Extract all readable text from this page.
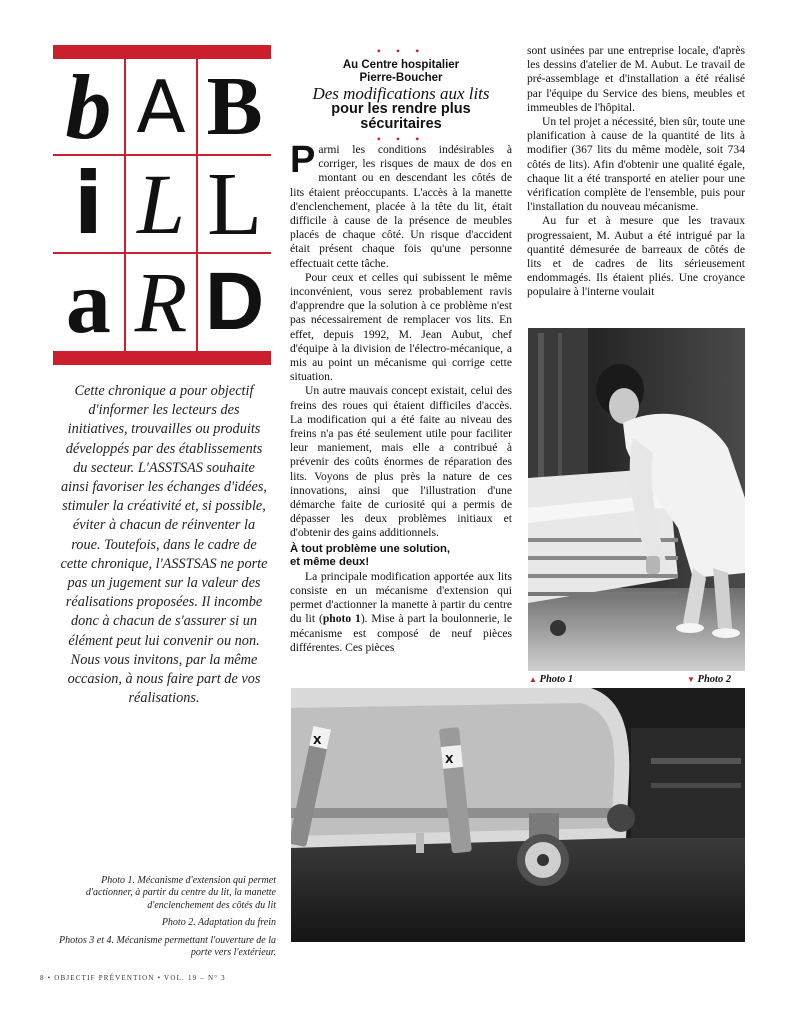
b A B
i L L
a R D
Cette chronique a pour objectif d'informer les lecteurs des initiatives, trouvailles ou produits développés par des établissements du secteur. L'ASSTSAS souhaite ainsi favoriser les échanges d'idées, stimuler la créativité et, si possible, éviter à chacun de réinventer la roue. Toutefois, dans le cadre de cette chronique, l'ASSTSAS ne porte pas un jugement sur la valeur des réalisations proposées. Il incombe donc à chacun de s'assurer si un élément peut lui convenir ou non. Nous vous invitons, par la même occasion, à nous faire part de vos réalisations.

Photo 1. Mécanisme d'extension qui permet d'actionner, à partir du centre du lit, la manette d'enclenchement des côtés du lit

Photo 2. Adaptation du frein

Photos 3 et 4. Mécanisme permettant l'ouverture de la porte vers l'extérieur.

8 • OBJECTIF PRÉVENTION • VOL. 19 – N° 3
• • •
Au Centre hospitalier
Pierre-Boucher
Des modifications aux lits
pour les rendre plus
sécuritaires
• • •

Parmi les conditions indésirables à corriger, les risques de maux de dos en montant ou en descendant les côtés de lits étaient préoccupants. L'accès à la manette d'enclenchement, placée à la tête du lit, était difficile à cause de la présence de meubles placés de chaque côté. Un risque d'accident était présent chaque fois qu'une personne effectuait cette tâche.

Pour ceux et celles qui subissent le même inconvénient, vous serez probablement ravis d'apprendre que la solution à ce problème n'est pas nécessairement de remplacer vos lits. En effet, depuis 1992, M. Jean Aubut, chef d'équipe à la division de l'électro-mécanique, a mis au point un mécanisme qui corrige cette situation.

Un autre mauvais concept existait, celui des freins des roues qui étaient difficiles d'accès. La modification qui a été faite au niveau des freins n'a pas été seulement utile pour faciliter leur maniement, mais elle a contribué à prévenir des coûts énormes de réparation des lits. Voyons de plus près la nature de ces innovations, ainsi que l'illustration d'une démarche faite de curiosité qui a permis de dépasser les deux problèmes initiaux et d'obtenir des gains additionnels.

À tout problème une solution,
et même deux!

La principale modification apportée aux lits consiste en un mécanisme d'extension qui permet d'actionner la manette à partir du centre du lit (photo 1). Mise à part la boulonnerie, le mécanisme est composé de neuf pièces différentes. Ces pièces

sont usinées par une entreprise locale, d'après les dessins d'atelier de M. Aubut. Le travail de pré-assemblage et d'installation a été réalisé par l'équipe du Service des biens, meubles et immeubles de l'hôpital.

Un tel projet a nécessité, bien sûr, toute une planification à cause de la quantité de lits à modifier (367 lits du même modèle, soit 734 côtés de lits). Afin d'obtenir une qualité égale, chaque lit a été transporté en atelier pour une vérification complète de l'ensemble, puis pour l'installation du nouveau mécanisme.

Au fur et à mesure que les travaux progressaient, M. Aubut a été intrigué par la quantité démesurée de barreaux de côtés de lits et de cadres de lits sérieusement endommagés. Ils étaient pliés. Une croyance populaire à l'interne voulait

▲ Photo 1	▼ Photo 2
X
X
